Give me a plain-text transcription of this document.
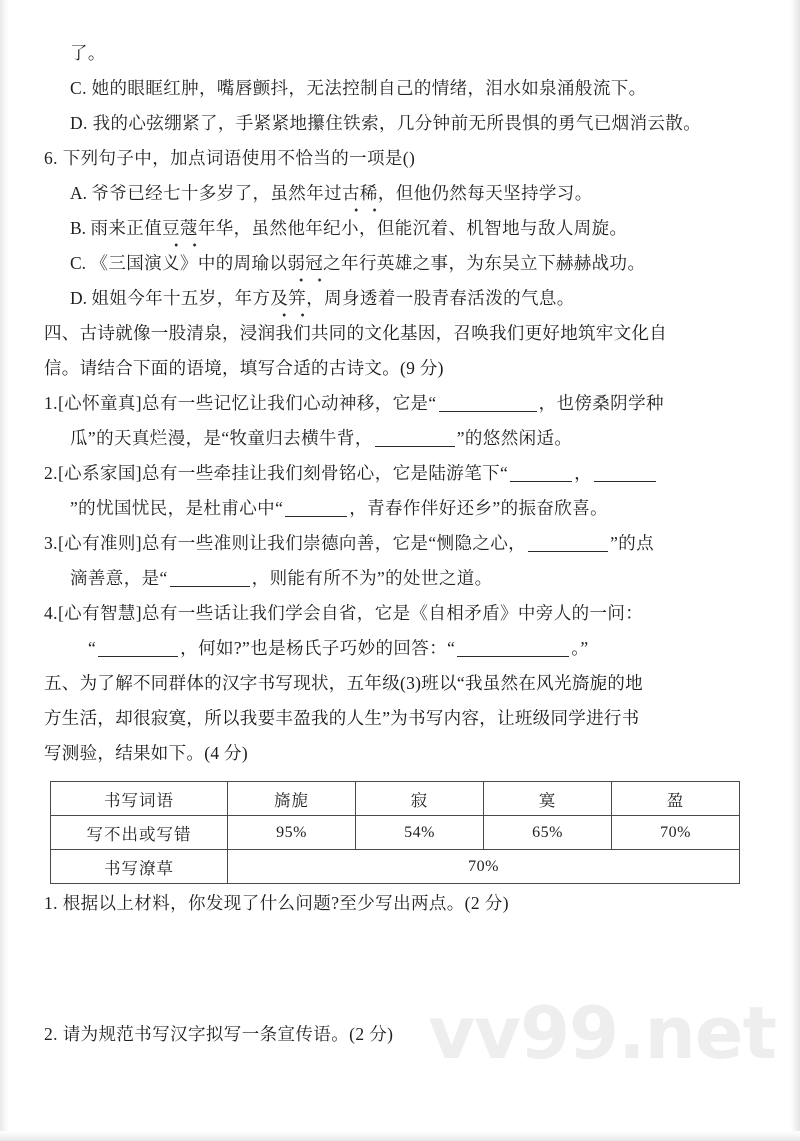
vv99.net
了。
C. 她的眼眶红肿，嘴唇颤抖，无法控制自己的情绪，泪水如泉涌般流下。
D. 我的心弦绷紧了，手紧紧地攥住铁索，几分钟前无所畏惧的勇气已烟消云散。
6. 下列句子中，加点词语使用不恰当的一项是()
A. 爷爷已经七十多岁了，虽然年过古稀，但他仍然每天坚持学习。
B. 雨来正值豆蔻年华，虽然他年纪小，但能沉着、机智地与敌人周旋。
C. 《三国演义》中的周瑜以弱冠之年行英雄之事，为东吴立下赫赫战功。
D. 姐姐今年十五岁，年方及笄，周身透着一股青春活泼的气息。
四、古诗就像一股清泉，浸润我们共同的文化基因，召唤我们更好地筑牢文化自
信。请结合下面的语境，填写合适的古诗文。(9 分)
1.[心怀童真]总有一些记忆让我们心动神移，它是“	，也傍桑阴学种
瓜”的天真烂漫，是“牧童归去横牛背，	”的悠然闲适。
2.[心系家国]总有一些牵挂让我们刻骨铭心，它是陆游笔下“	，
”的忧国忧民，是杜甫心中“	，青春作伴好还乡”的振奋欣喜。
3.[心有准则]总有一些准则让我们崇德向善，它是“恻隐之心，	”的点
滴善意，是“	，则能有所不为”的处世之道。
4.[心有智慧]总有一些话让我们学会自省，它是《自相矛盾》中旁人的一问：
“	，何如?”也是杨氏子巧妙的回答：“	。”
五、为了解不同群体的汉字书写现状，五年级(3)班以“我虽然在风光旖旎的地
方生活，却很寂寞，所以我要丰盈我的人生”为书写内容，让班级同学进行书
写测验，结果如下。(4 分)
书写词语	旖旎	寂	寞	盈
写不出或写错	95%	54%	65%	70%
书写潦草	70%			
1. 根据以上材料，你发现了什么问题?至少写出两点。(2 分)
2. 请为规范书写汉字拟写一条宣传语。(2 分)
